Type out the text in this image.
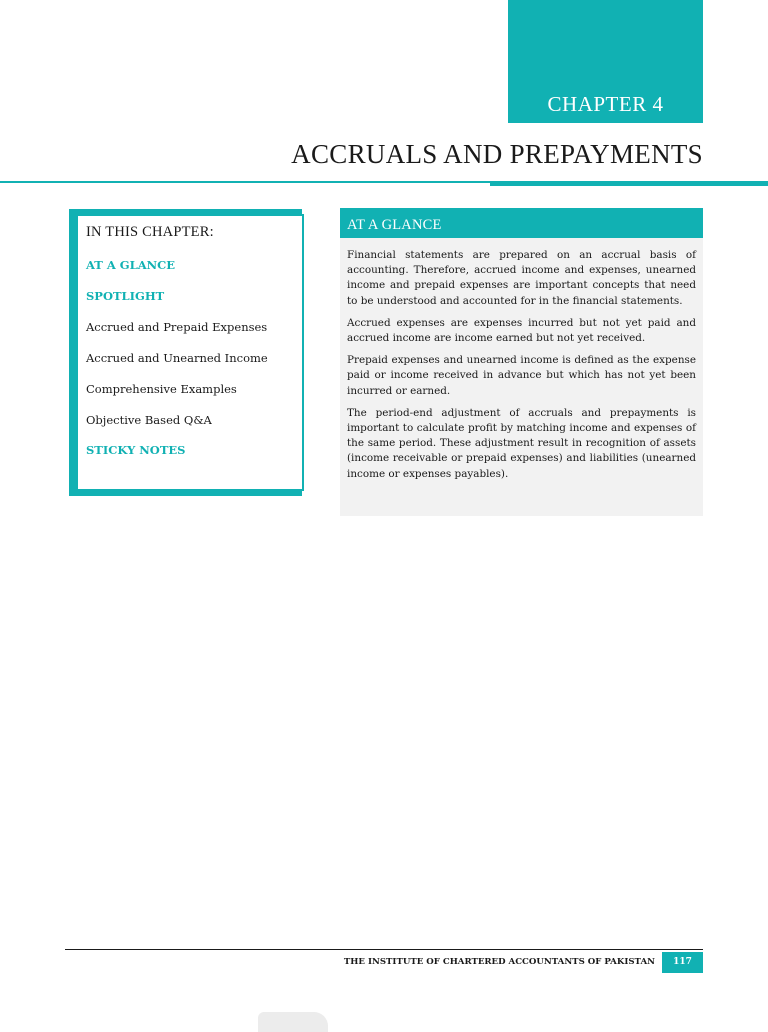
CHAPTER 4
ACCRUALS AND PREPAYMENTS
IN THIS CHAPTER:
AT A GLANCE
SPOTLIGHT
Accrued and Prepaid Expenses
Accrued and Unearned Income
Comprehensive Examples
Objective Based Q&A
STICKY NOTES
AT A GLANCE

Financial statements are prepared on an accrual basis of accounting. Therefore, accrued income and expenses, unearned income and prepaid expenses are important concepts that need to be understood and accounted for in the financial statements.

Accrued expenses are expenses incurred but not yet paid and accrued income are income earned but not yet received.

Prepaid expenses and unearned income is defined as the expense paid or income received in advance but which has not yet been incurred or earned.

The period-end adjustment of accruals and prepayments is important to calculate profit by matching income and expenses of the same period. These adjustment result in recognition of assets (income receivable or prepaid expenses) and liabilities (unearned income or expenses payables).

THE INSTITUTE OF CHARTERED ACCOUNTANTS OF PAKISTAN	117
